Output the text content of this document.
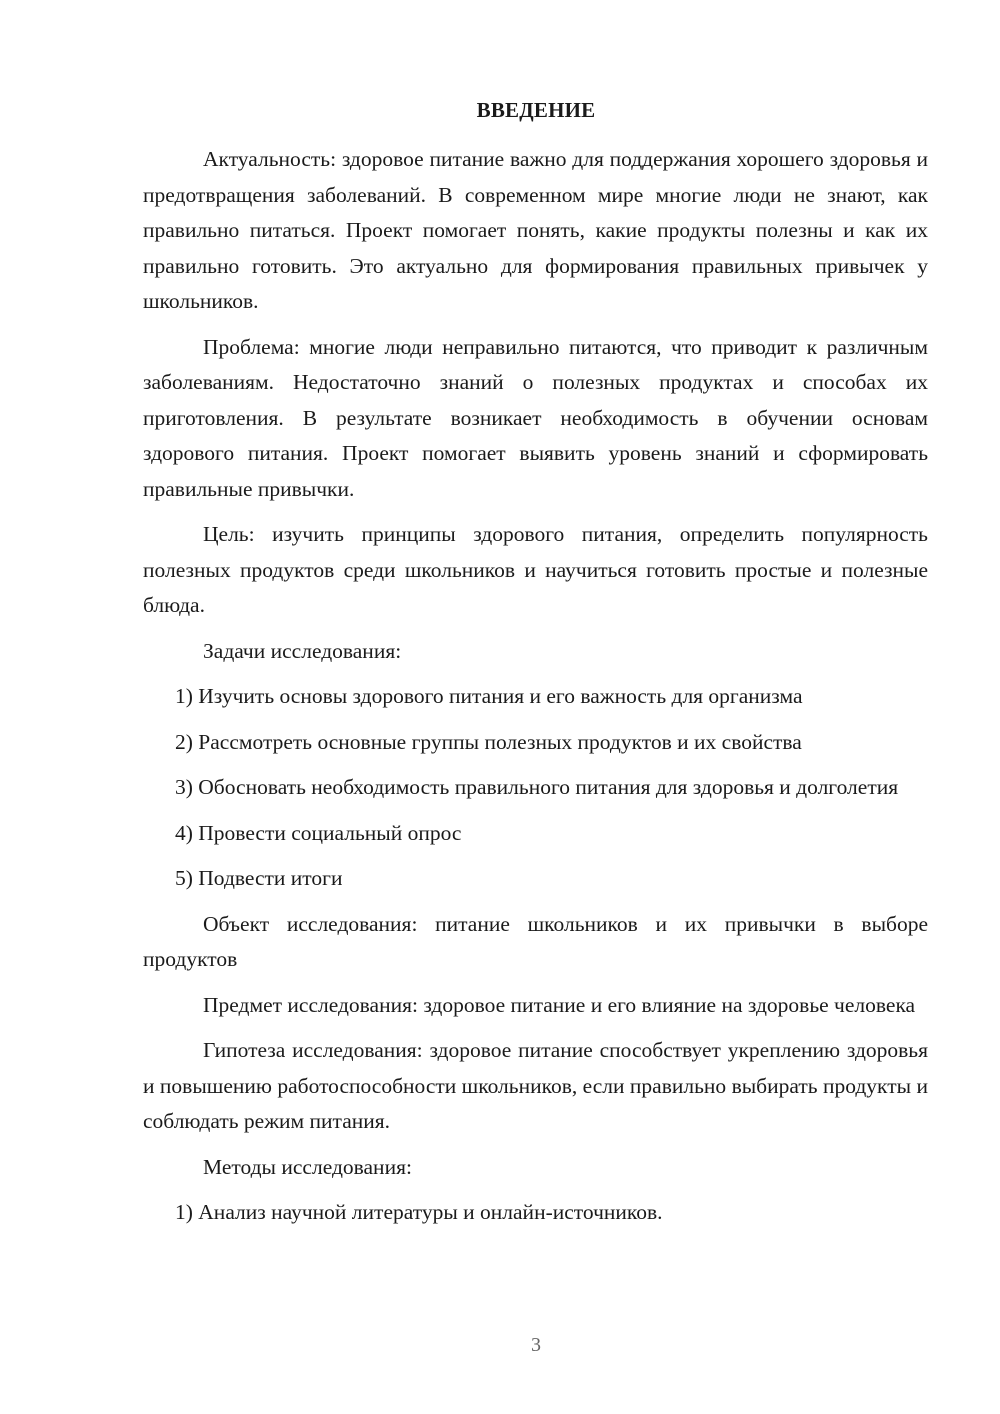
ВВЕДЕНИЕ

Актуальность: здоровое питание важно для поддержания хорошего здоровья и предотвращения заболеваний. В современном мире многие люди не знают, как правильно питаться. Проект помогает понять, какие продукты полезны и как их правильно готовить. Это актуально для формирования правильных привычек у школьников.

Проблема: многие люди неправильно питаются, что приводит к различным заболеваниям. Недостаточно знаний о полезных продуктах и способах их приготовления. В результате возникает необходимость в обучении основам здорового питания. Проект помогает выявить уровень знаний и сформировать правильные привычки.

Цель: изучить принципы здорового питания, определить популярность полезных продуктов среди школьников и научиться готовить простые и полезные блюда.

Задачи исследования:

1) Изучить основы здорового питания и его важность для организма

2) Рассмотреть основные группы полезных продуктов и их свойства

3) Обосновать необходимость правильного питания для здоровья и долголетия

4) Провести социальный опрос

5) Подвести итоги

Объект исследования: питание школьников и их привычки в выборе продуктов

Предмет исследования: здоровое питание и его влияние на здоровье человека

Гипотеза исследования: здоровое питание способствует укреплению здоровья и повышению работоспособности школьников, если правильно выбирать продукты и соблюдать режим питания.

Методы исследования:

1) Анализ научной литературы и онлайн-источников.

3
